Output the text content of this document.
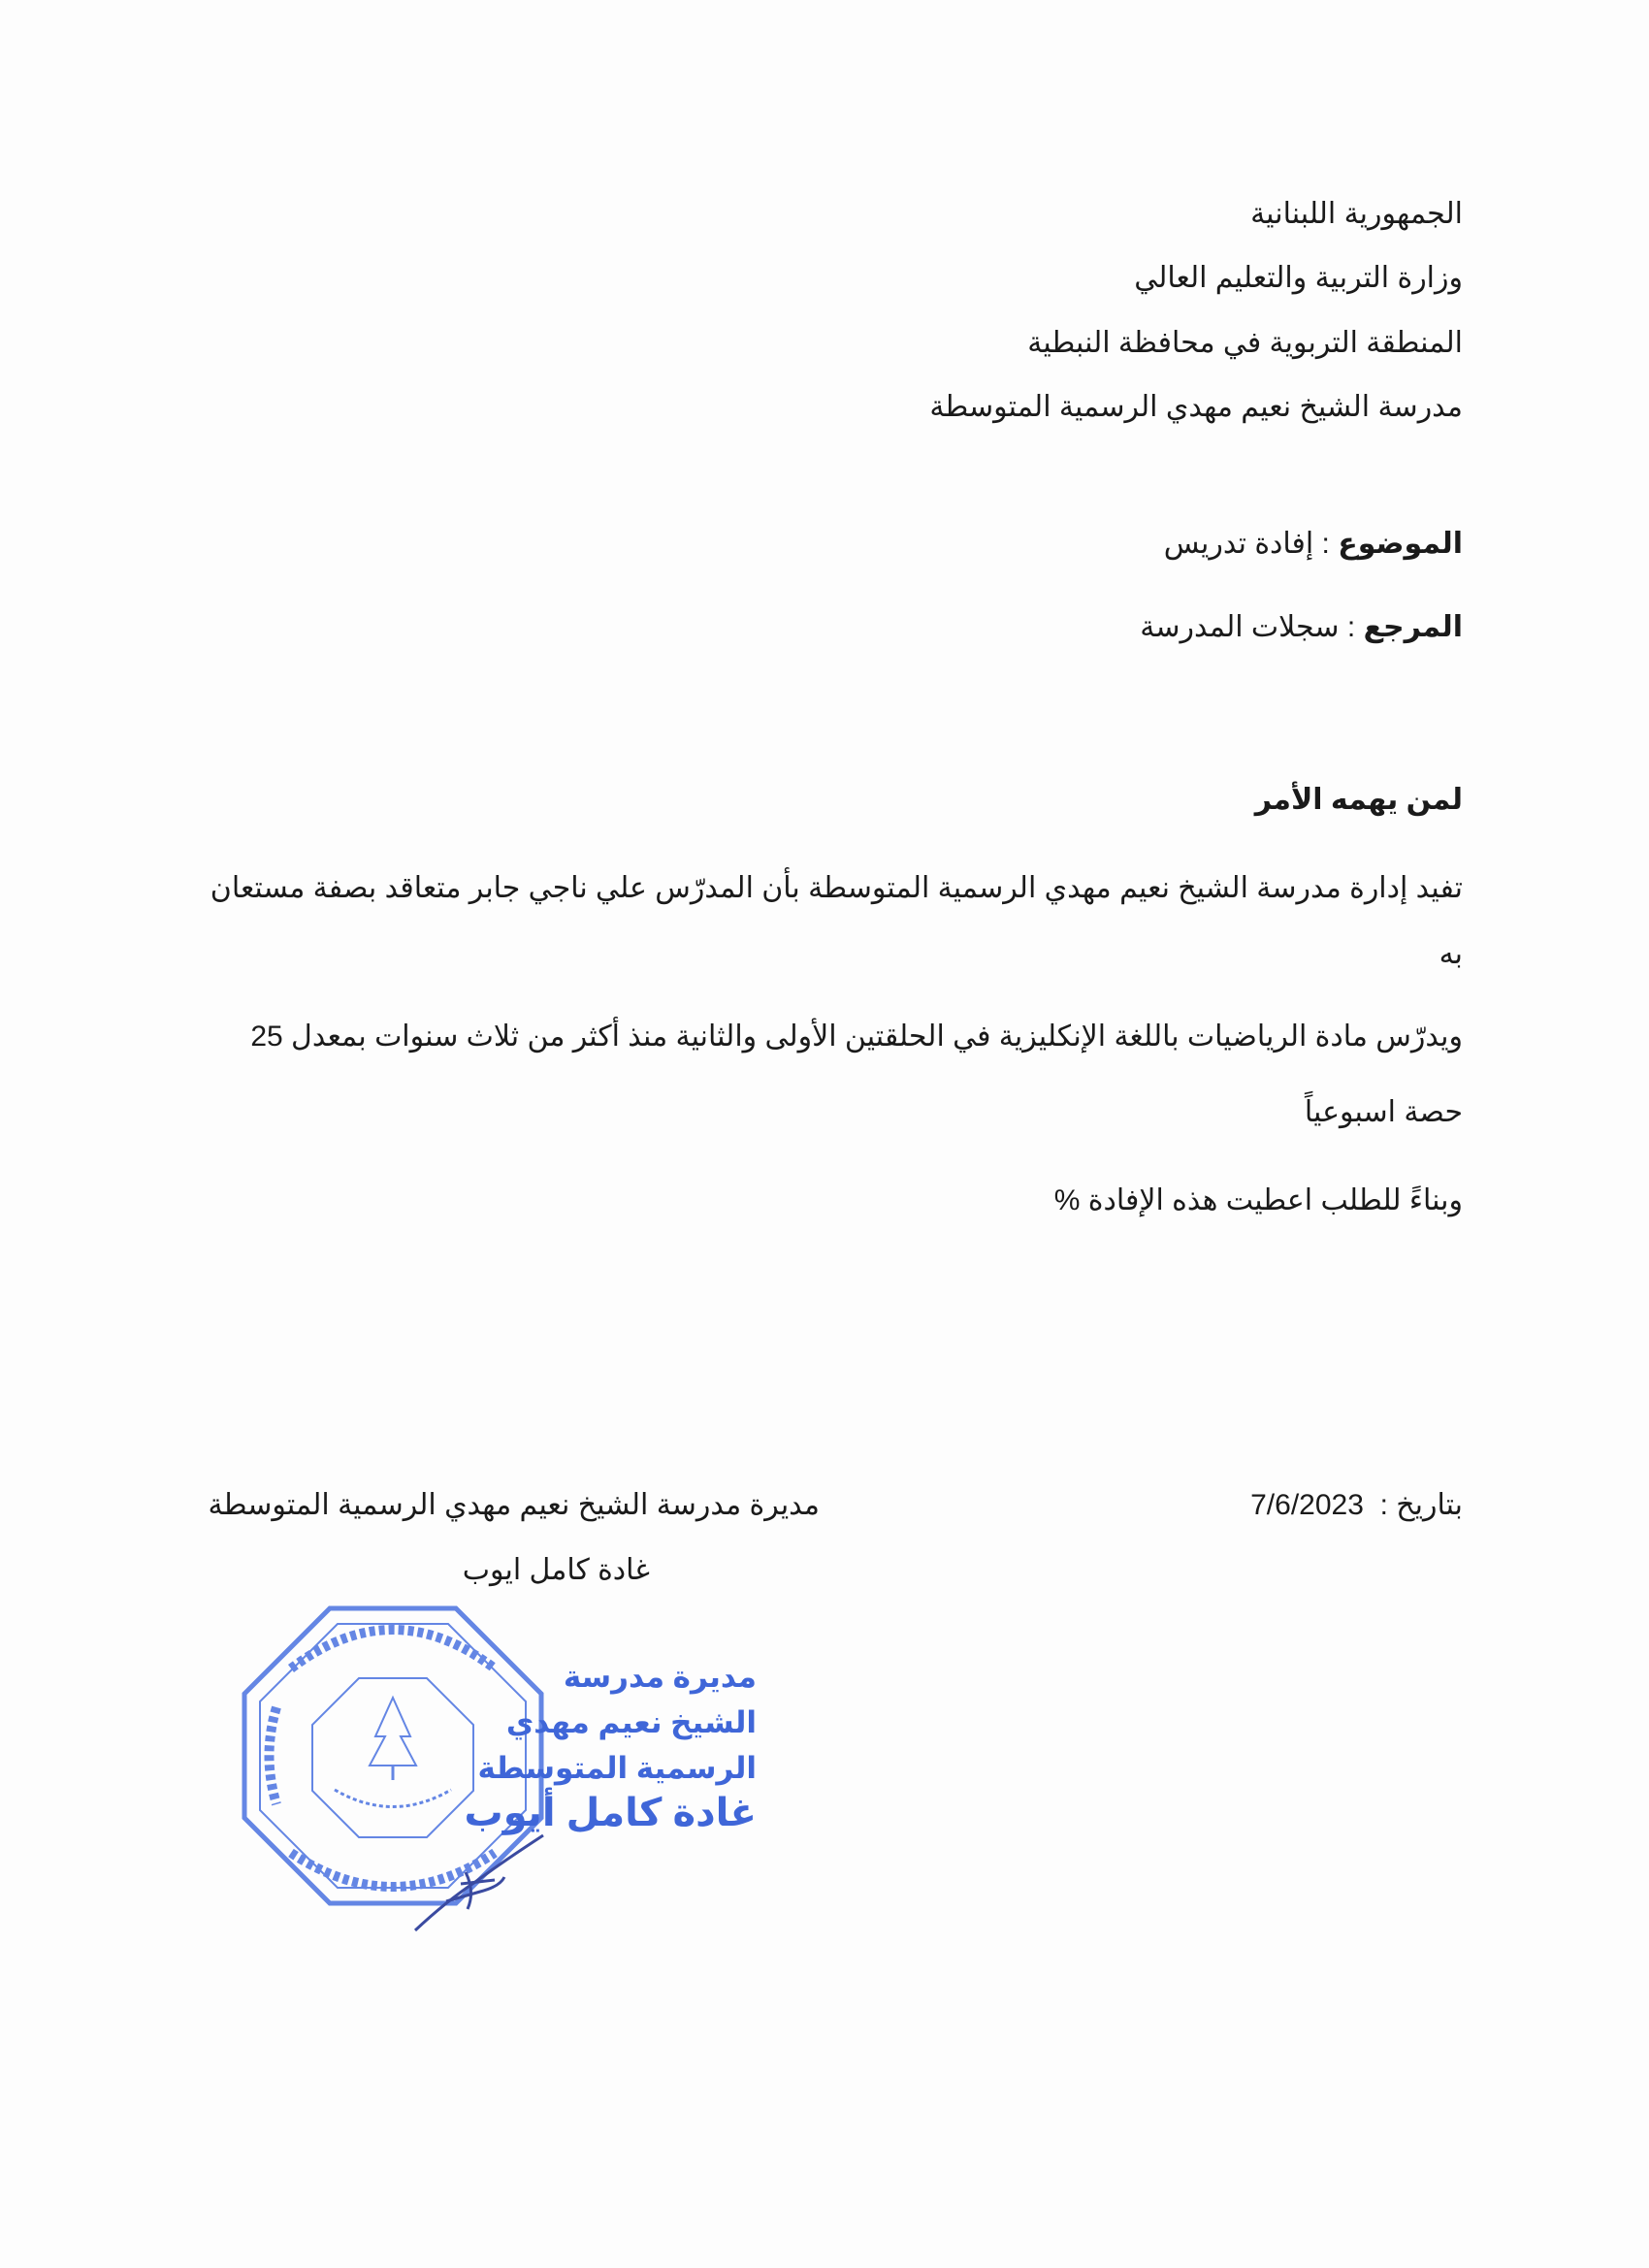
الجمهورية اللبنانية
وزارة التربية والتعليم العالي
المنطقة التربوية في محافظة النبطية
مدرسة الشيخ نعيم مهدي الرسمية المتوسطة
الموضوع : إفادة تدريس
المرجع : سجلات المدرسة
لمن يهمه الأمر
تفيد إدارة مدرسة الشيخ نعيم مهدي الرسمية المتوسطة بأن المدرّس علي ناجي جابر متعاقد بصفة مستعان
به
ويدرّس مادة الرياضيات باللغة الإنكليزية في الحلقتين الأولى والثانية منذ أكثر من ثلاث سنوات بمعدل 25
حصة اسبوعياً
وبناءً للطلب اعطيت هذه الإفادة %
بتاريخ :  7/6/2023
مديرة مدرسة الشيخ نعيم مهدي الرسمية المتوسطة
غادة كامل ايوب
مديرة مدرسة
الشيخ نعيم مهدي
الرسمية المتوسطة
غادة كامل أيوب
